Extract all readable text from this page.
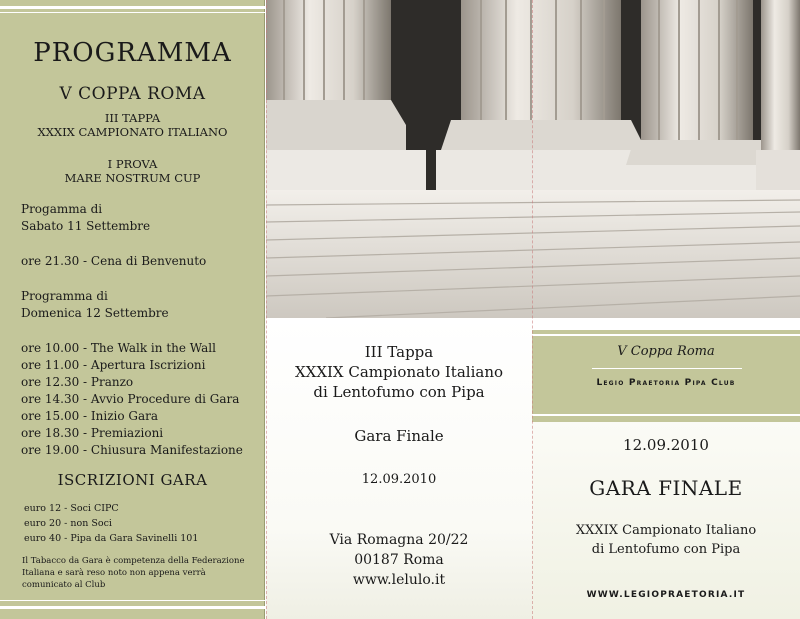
PROGRAMMA
V COPPA ROMA
III TAPPA
XXXIX CAMPIONATO ITALIANO
I PROVA
MARE NOSTRUM CUP
Progamma di
Sabato 11 Settembre
ore 21.30 - Cena di Benvenuto
Programma di
Domenica 12 Settembre
ore 10.00 - The Walk in the Wall
ore 11.00 - Apertura Iscrizioni
ore 12.30 - Pranzo
ore 14.30 - Avvio Procedure di Gara
ore 15.00 - Inizio Gara
ore 18.30 - Premiazioni
ore 19.00 - Chiusura Manifestazione
ISCRIZIONI GARA
euro 12 - Soci CIPC
euro 20 - non Soci
euro 40 - Pipa da Gara Savinelli 101
Il Tabacco da Gara è competenza della Federazione Italiana e sarà reso noto non appena verrà comunicato al Club
III Tappa
XXXIX Campionato Italiano
di Lentofumo con Pipa
Gara Finale
12.09.2010
Via Romagna 20/22
00187 Roma
www.lelulo.it
V Coppa Roma
Legio Praetoria Pipa Club
12.09.2010
GARA FINALE
XXXIX Campionato Italiano
di Lentofumo con Pipa
WWW.LEGIOPRAETORIA.IT
